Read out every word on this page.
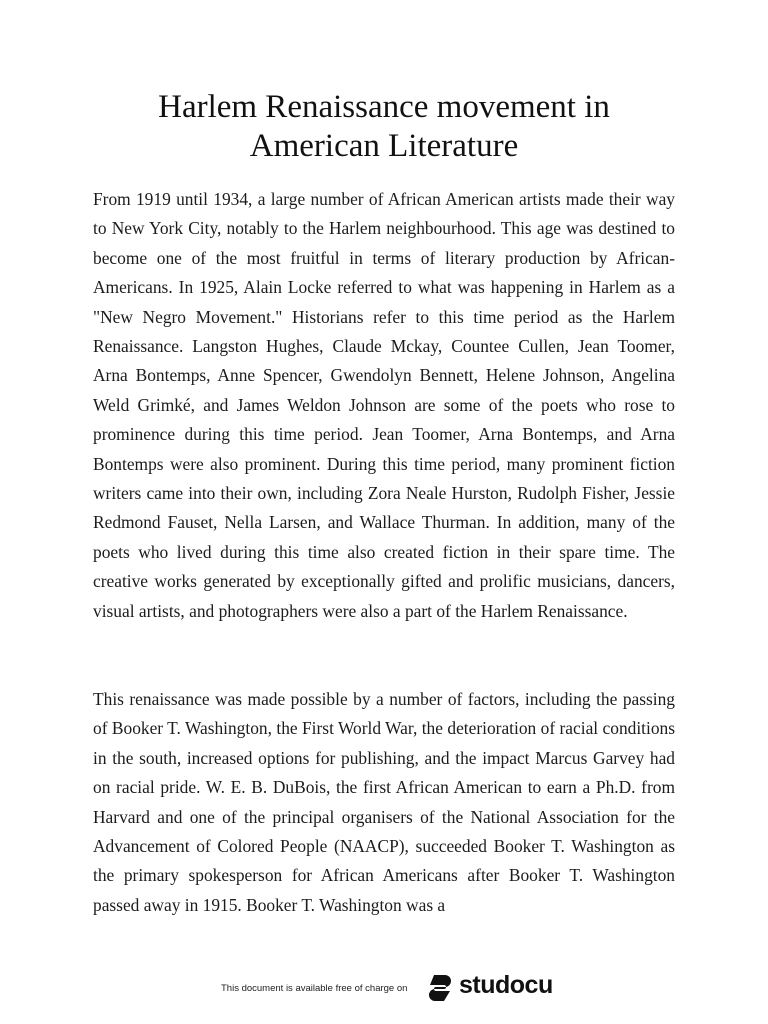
Harlem Renaissance movement in
American Literature

From 1919 until 1934, a large number of African American artists made their way to New York City, notably to the Harlem neighbourhood. This age was destined to become one of the most fruitful in terms of literary production by African-Americans. In 1925, Alain Locke referred to what was happening in Harlem as a "New Negro Movement." Historians refer to this time period as the Harlem Renaissance. Langston Hughes, Claude Mckay, Countee Cullen, Jean Toomer, Arna Bontemps, Anne Spencer, Gwendolyn Bennett, Helene Johnson, Angelina Weld Grimké, and James Weldon Johnson are some of the poets who rose to prominence during this time period. Jean Toomer, Arna Bontemps, and Arna Bontemps were also prominent. During this time period, many prominent fiction writers came into their own, including Zora Neale Hurston, Rudolph Fisher, Jessie Redmond Fauset, Nella Larsen, and Wallace Thurman. In addition, many of the poets who lived during this time also created fiction in their spare time. The creative works generated by exceptionally gifted and prolific musicians, dancers, visual artists, and photographers were also a part of the Harlem Renaissance.

This renaissance was made possible by a number of factors, including the passing of Booker T. Washington, the First World War, the deterioration of racial conditions in the south, increased options for publishing, and the impact Marcus Garvey had on racial pride. W. E. B. DuBois, the first African American to earn a Ph.D. from Harvard and one of the principal organisers of the National Association for the Advancement of Colored People (NAACP), succeeded Booker T. Washington as the primary spokesperson for African Americans after Booker T. Washington passed away in 1915. Booker T. Washington was a

This document is available free of charge on studocu
